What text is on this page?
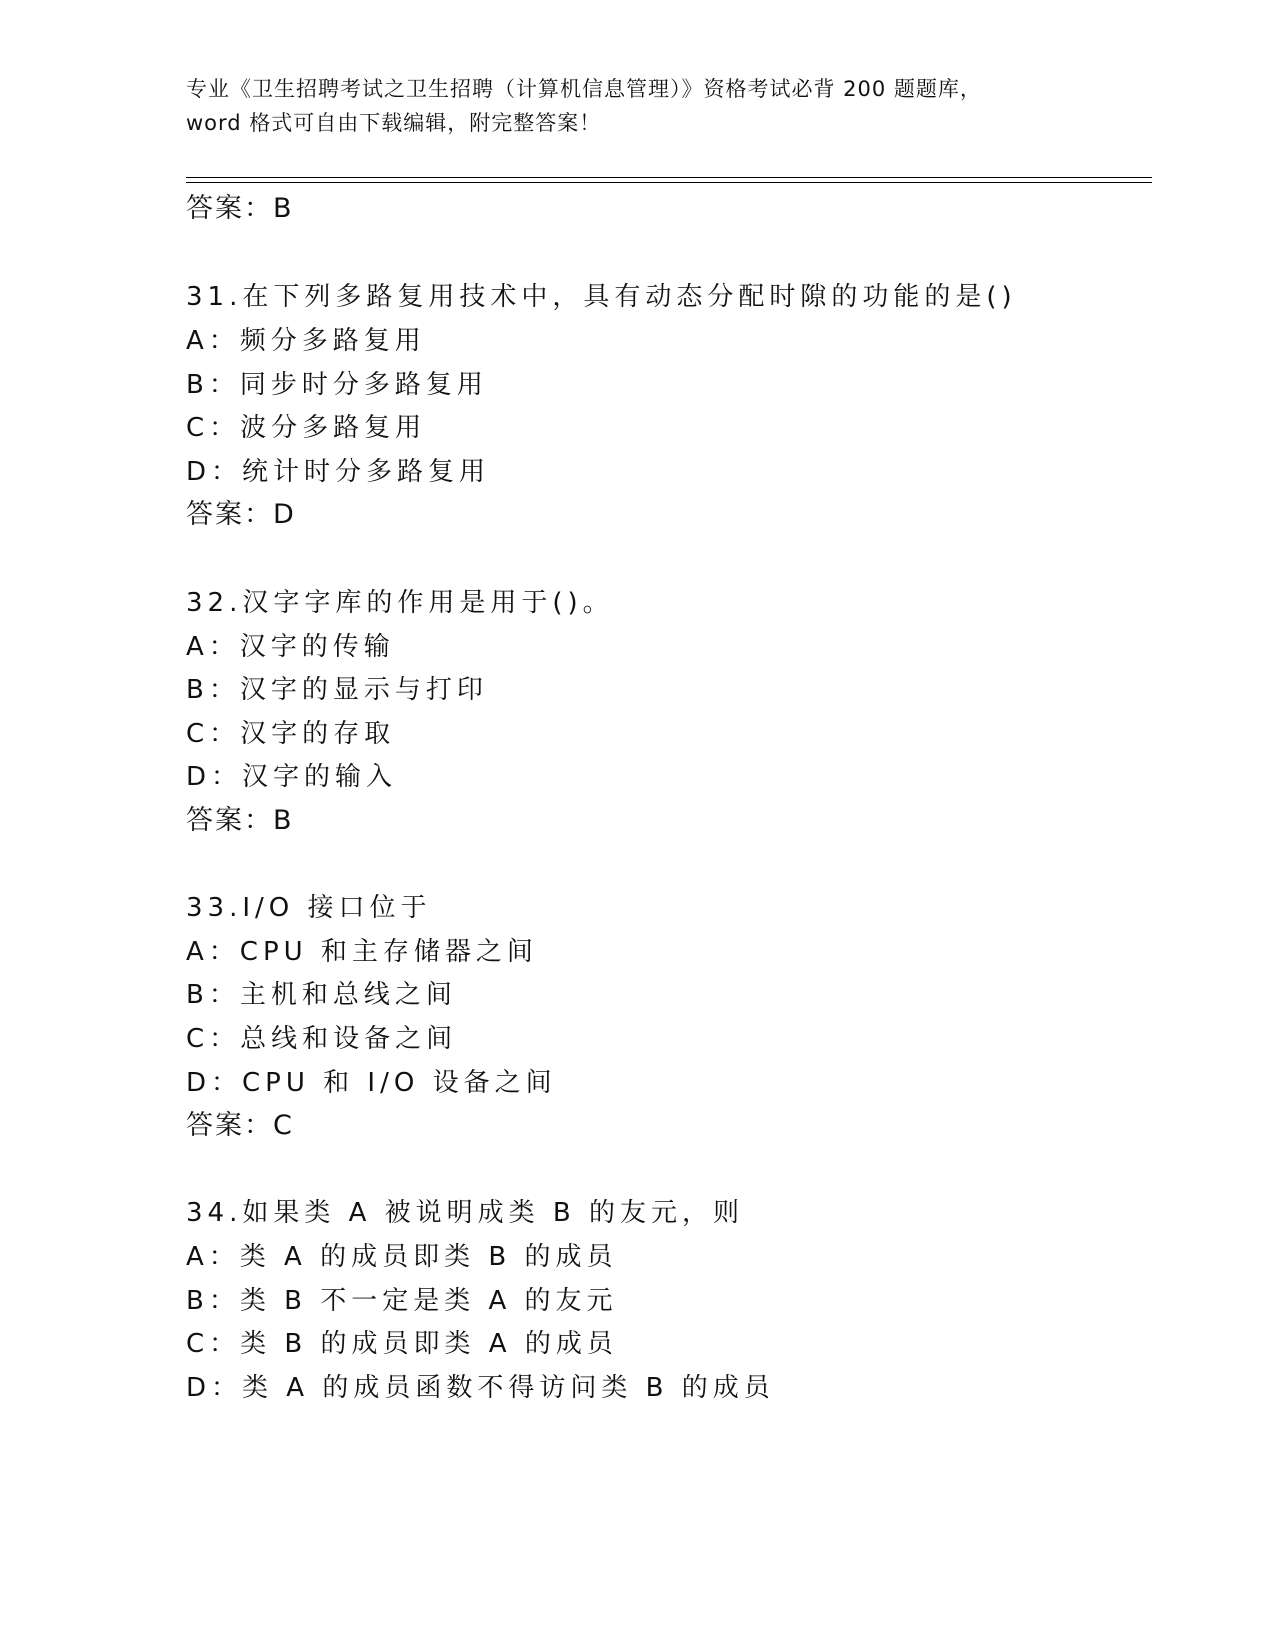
专业《卫生招聘考试之卫生招聘（计算机信息管理）》资格考试必背 200 题题库，
word 格式可自由下载编辑，附完整答案！
答案：B
31.在下列多路复用技术中，具有动态分配时隙的功能的是()
A：频分多路复用
B：同步时分多路复用
C：波分多路复用
D：统计时分多路复用
答案：D
32.汉字字库的作用是用于()。
A：汉字的传输
B：汉字的显示与打印
C：汉字的存取
D：汉字的输入
答案：B
33.I/O 接口位于
A：CPU 和主存储器之间
B：主机和总线之间
C：总线和设备之间
D：CPU 和 I/O 设备之间
答案：C
34.如果类 A 被说明成类 B 的友元，则
A：类 A 的成员即类 B 的成员
B：类 B 不一定是类 A 的友元
C：类 B 的成员即类 A 的成员
D：类 A 的成员函数不得访问类 B 的成员
